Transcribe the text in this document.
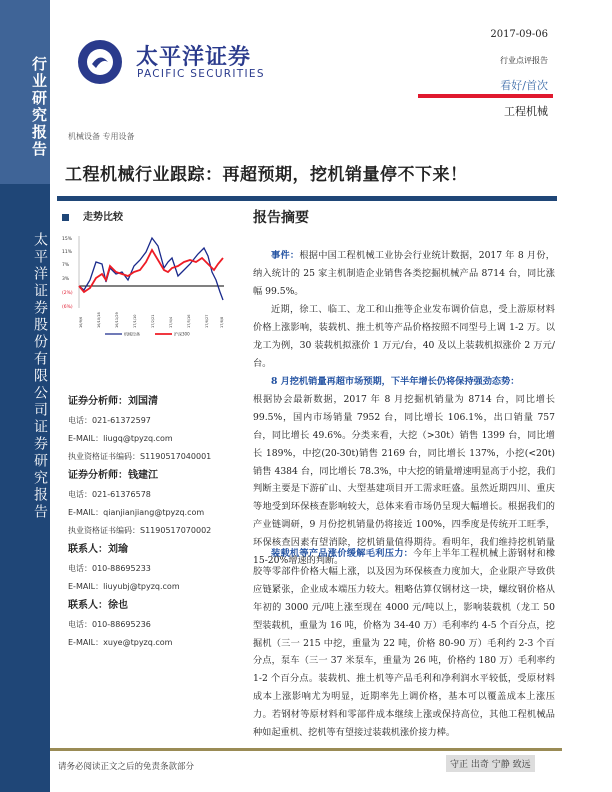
行业研究报告
太平洋证券股份有限公司证券研究报告
太平洋证券
PACIFIC SECURITIES
机械设备 专用设备
2017-09-06
行业点评报告
看好/首次
工程机械
工程机械行业跟踪：再超预期，挖机销量停不下来！
走势比较
15%
11%
7%
3%
(2%)
(6%)
16/9/6	16/10/18	16/11/29	17/1/10	17/2/21	17/4/4	17/5/16	17/6/27	17/8/8
机械设备	沪深300
证券分析师：刘国清
电话：021-61372597
E-MAIL：liugq@tpyzq.com
执业资格证书编码：S1190517040001
证券分析师：钱建江
电话：021-61376578
E-MAIL：qianjianjiang@tpyzq.com
执业资格证书编码：S1190517070002
联系人：刘瑜
电话：010-88695233
E-MAIL：liuyubj@tpyzq.com
联系人：徐也
电话：010-88695236
E-MAIL：xuye@tpyzq.com
报告摘要
事件：根据中国工程机械工业协会行业统计数据，2017 年 8 月份，纳入统计的 25 家主机制造企业销售各类挖掘机械产品 8714 台，同比涨幅 99.5%。
近期，徐工、临工、龙工和山推等企业发布调价信息，受上游原材料价格上涨影响，装载机、推土机等产品价格按照不同型号上调 1-2 万。以龙工为例，30 装载机拟涨价 1 万元/台，40 及以上装载机拟涨价 2 万元/台。
8 月挖机销量再超市场预期，下半年增长仍将保持强劲态势：
根据协会最新数据，2017 年 8 月挖掘机销量为 8714 台，同比增长 99.5%，国内市场销量 7952 台，同比增长 106.1%，出口销量 757 台，同比增长 49.6%。分类来看，大挖（>30t）销售 1399 台，同比增长 189%，中挖(20-30t)销售 2169 台，同比增长 137%，小挖(<20t)销售 4384 台，同比增长 78.3%，中大挖的销量增速明显高于小挖，我们判断主要是下游矿山、大型基建项目开工需求旺盛。虽然近期四川、重庆等地受到环保核查影响较大，总体来看市场仍呈现大幅增长。根据我们的产业链调研，9 月份挖机销量仍将接近 100%，四季度是传统开工旺季，环保核查因素有望消除，挖机销量值得期待。看明年，我们维持挖机销量 15-20%增速的判断。
装载机等产品涨价缓解毛利压力：今年上半年工程机械上游钢材和橡胶等零部件价格大幅上涨，以及因为环保核查力度加大，企业限产导致供应链紧张，企业成本端压力较大。粗略估算仅钢材这一块，螺纹钢价格从年初的 3000 元/吨上涨至现在 4000 元/吨以上，影响装载机（龙工 50 型装载机，重量为 16 吨，价格为 34-40 万）毛利率约 4-5 个百分点，挖掘机（三一 215 中挖，重量为 22 吨，价格 80-90 万）毛利约 2-3 个百分点，泵车（三一 37 米泵车，重量为 26 吨，价格约 180 万）毛利率约 1-2 个百分点。装载机、推土机等产品毛利和净利润水平较低，受原材料成本上涨影响尤为明显，近期率先上调价格，基本可以覆盖成本上涨压力。若钢材等原材料和零部件成本继续上涨或保持高位，其他工程机械品种如起重机、挖机等有望接过装载机涨价接力棒。
请务必阅读正文之后的免责条款部分	守正 出奇 宁静 致远
